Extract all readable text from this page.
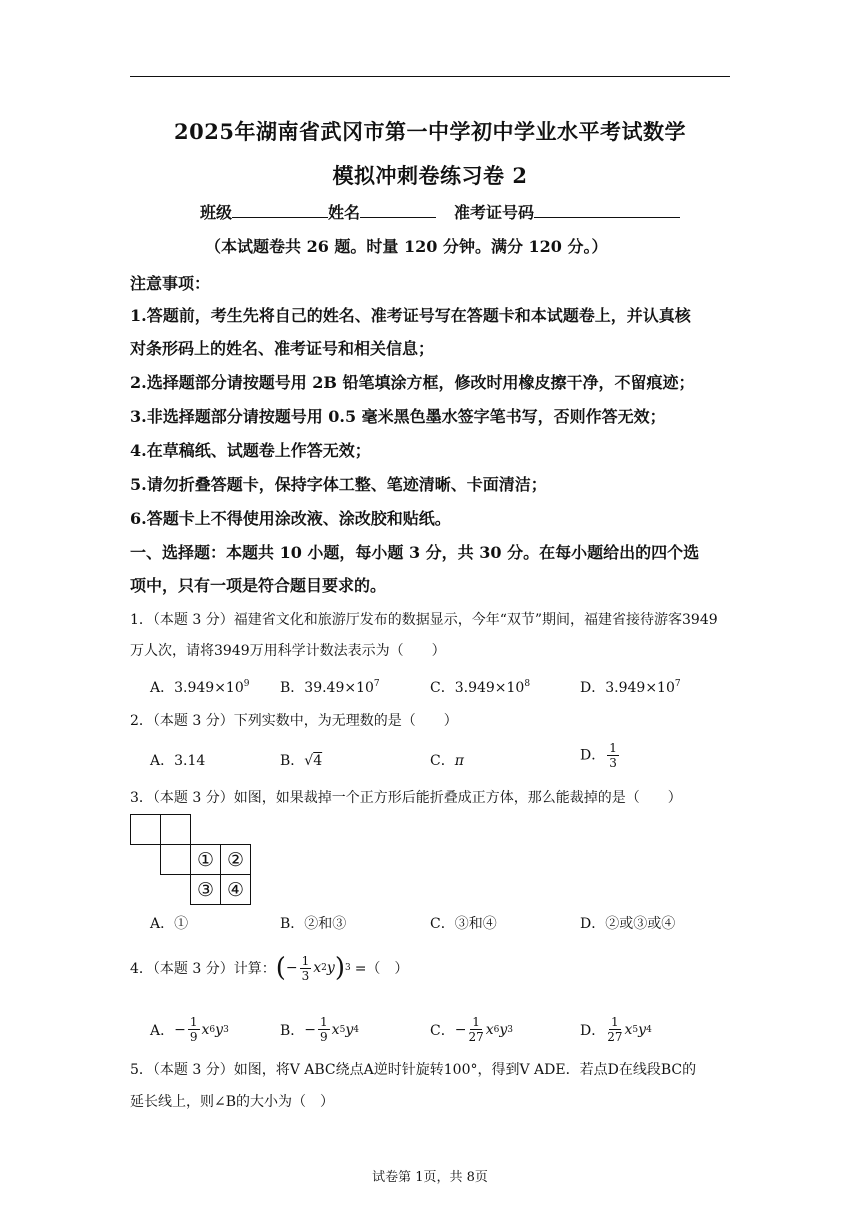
2025年湖南省武冈市第一中学初中学业水平考试数学
模拟冲刺卷练习卷 2
班级	姓名	准考证号码
（本试题卷共 26 题。时量 120 分钟。满分 120 分。）
注意事项：
1.答题前，考生先将自己的姓名、准考证号写在答题卡和本试题卷上，并认真核
对条形码上的姓名、准考证号和相关信息；
2.选择题部分请按题号用 2B 铅笔填涂方框，修改时用橡皮擦干净，不留痕迹；
3.非选择题部分请按题号用 0.5 毫米黑色墨水签字笔书写，否则作答无效；
4.在草稿纸、试题卷上作答无效；
5.请勿折叠答题卡，保持字体工整、笔迹清晰、卡面清洁；
6.答题卡上不得使用涂改液、涂改胶和贴纸。
一、选择题：本题共 10 小题，每小题 3 分，共 30 分。在每小题给出的四个选
项中，只有一项是符合题目要求的。
1．（本题 3 分）福建省文化和旅游厅发布的数据显示，今年“双节”期间，福建省接待游客3949
万人次，请将3949万用科学计数法表示为（　　）
A．$3.949\times 10^9$ B．$39.49\times 10^7$	C．$3.949\times 10^8$	D．$3.949\times 10^7$
2．（本题 3 分）下列实数中，为无理数的是（　　）
A．3.14	B．√4	C．π	D． $\frac{1}{3}$
3．（本题 3 分）如图，如果裁掉一个正方形后能折叠成正方体，那么能裁掉的是（　　）
① ②
③ ④
A．①	B．②和③	C．③和④	D．②或③或④
4．（本题 3 分）计算： ( − $\frac{1}{3}$ x 2 y ) 3 =（　）
A． − $\frac{1}{9}$ x 6 y 3	B． − $\frac{1}{9}$ x 5 y 4	C． − $\frac{1}{27}$ x 6 y 3	D． $\frac{1}{27}$ x 5 y 4
5．（本题 3 分）如图，将V ABC绕点A逆时针旋转100°，得到V ADE．若点D在线段BC的
延长线上，则∠B的大小为（　）
试卷第 1页，共 8页
